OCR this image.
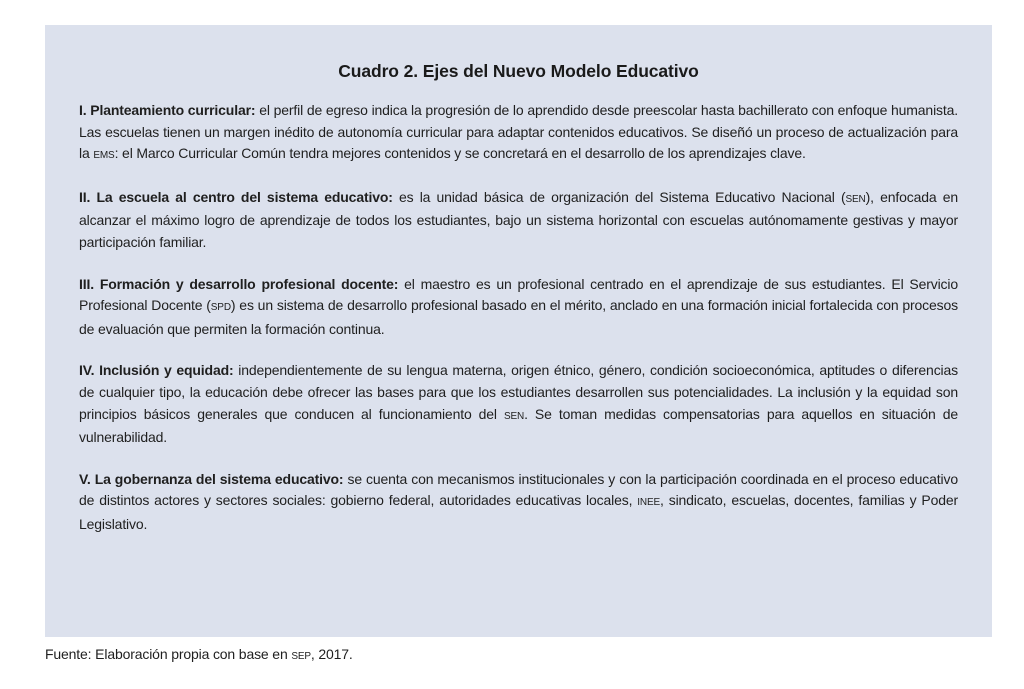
Cuadro 2. Ejes del Nuevo Modelo Educativo

I. Planteamiento curricular: el perfil de egreso indica la progresión de lo aprendido desde preescolar hasta bachillerato con enfoque humanista. Las escuelas tienen un margen inédito de autonomía curricular para adaptar contenidos educativos. Se diseñó un proceso de actualización para la EMS: el Marco Curricular Común tendra mejores contenidos y se concretará en el desarrollo de los aprendizajes clave.

II. La escuela al centro del sistema educativo: es la unidad básica de organización del Sistema Educativo Nacional (SEN), enfocada en alcanzar el máximo logro de aprendizaje de todos los estudiantes, bajo un sistema horizontal con escuelas autónomamente gestivas y mayor participación familiar.

III. Formación y desarrollo profesional docente: el maestro es un profesional centrado en el aprendizaje de sus estudiantes. El Servicio Profesional Docente (SPD) es un sistema de desarrollo profesional basado en el mérito, anclado en una formación inicial fortalecida con procesos de evaluación que permiten la formación continua.

IV. Inclusión y equidad: independientemente de su lengua materna, origen étnico, género, condición socioeconómica, aptitudes o diferencias de cualquier tipo, la educación debe ofrecer las bases para que los estudiantes desarrollen sus potencialidades. La inclusión y la equidad son principios básicos generales que conducen al funcionamiento del SEN. Se toman medidas compensatorias para aquellos en situación de vulnerabilidad.

V. La gobernanza del sistema educativo: se cuenta con mecanismos institucionales y con la participación coordinada en el proceso educativo de distintos actores y sectores sociales: gobierno federal, autoridades educativas locales, INEE, sindicato, escuelas, docentes, familias y Poder Legislativo.

Fuente: Elaboración propia con base en SEP, 2017.
